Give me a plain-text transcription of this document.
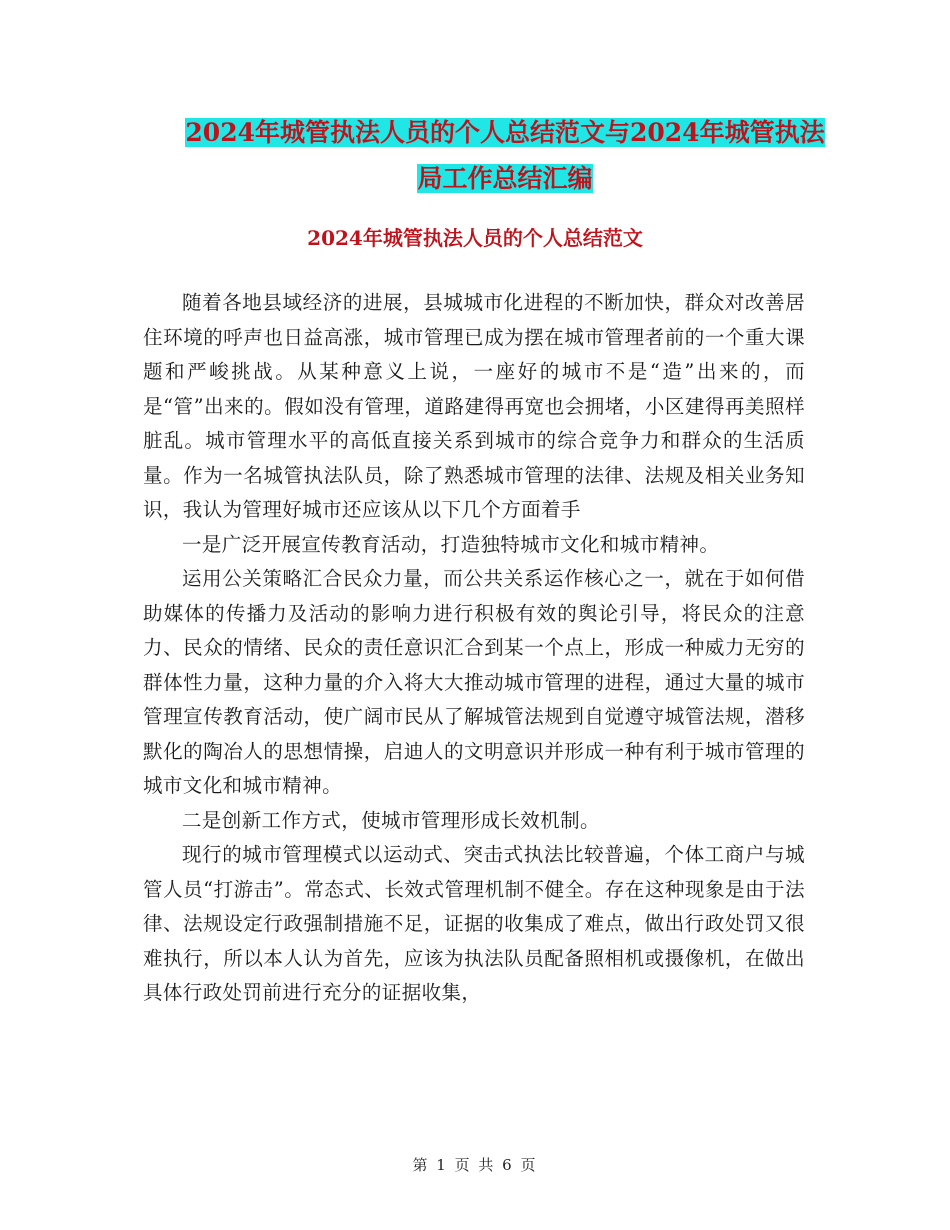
2024年城管执法人员的个人总结范文与2024年城管执法局工作总结汇编
2024年城管执法人员的个人总结范文

随着各地县域经济的进展，县城城市化进程的不断加快，群众对改善居住环境的呼声也日益高涨，城市管理已成为摆在城市管理者前的一个重大课题和严峻挑战。从某种意义上说，一座好的城市不是“造”出来的，而是“管”出来的。假如没有管理，道路建得再宽也会拥堵，小区建得再美照样脏乱。城市管理水平的高低直接关系到城市的综合竞争力和群众的生活质量。作为一名城管执法队员，除了熟悉城市管理的法律、法规及相关业务知识，我认为管理好城市还应该从以下几个方面着手

一是广泛开展宣传教育活动，打造独特城市文化和城市精神。

运用公关策略汇合民众力量，而公共关系运作核心之一，就在于如何借助媒体的传播力及活动的影响力进行积极有效的舆论引导，将民众的注意力、民众的情绪、民众的责任意识汇合到某一个点上，形成一种威力无穷的群体性力量，这种力量的介入将大大推动城市管理的进程，通过大量的城市管理宣传教育活动，使广阔市民从了解城管法规到自觉遵守城管法规，潜移默化的陶冶人的思想情操，启迪人的文明意识并形成一种有利于城市管理的城市文化和城市精神。

二是创新工作方式，使城市管理形成长效机制。

现行的城市管理模式以运动式、突击式执法比较普遍，个体工商户与城管人员“打游击”。常态式、长效式管理机制不健全。存在这种现象是由于法律、法规设定行政强制措施不足，证据的收集成了难点，做出行政处罚又很难执行，所以本人认为首先，应该为执法队员配备照相机或摄像机，在做出具体行政处罚前进行充分的证据收集，

第 1 页 共 6 页
